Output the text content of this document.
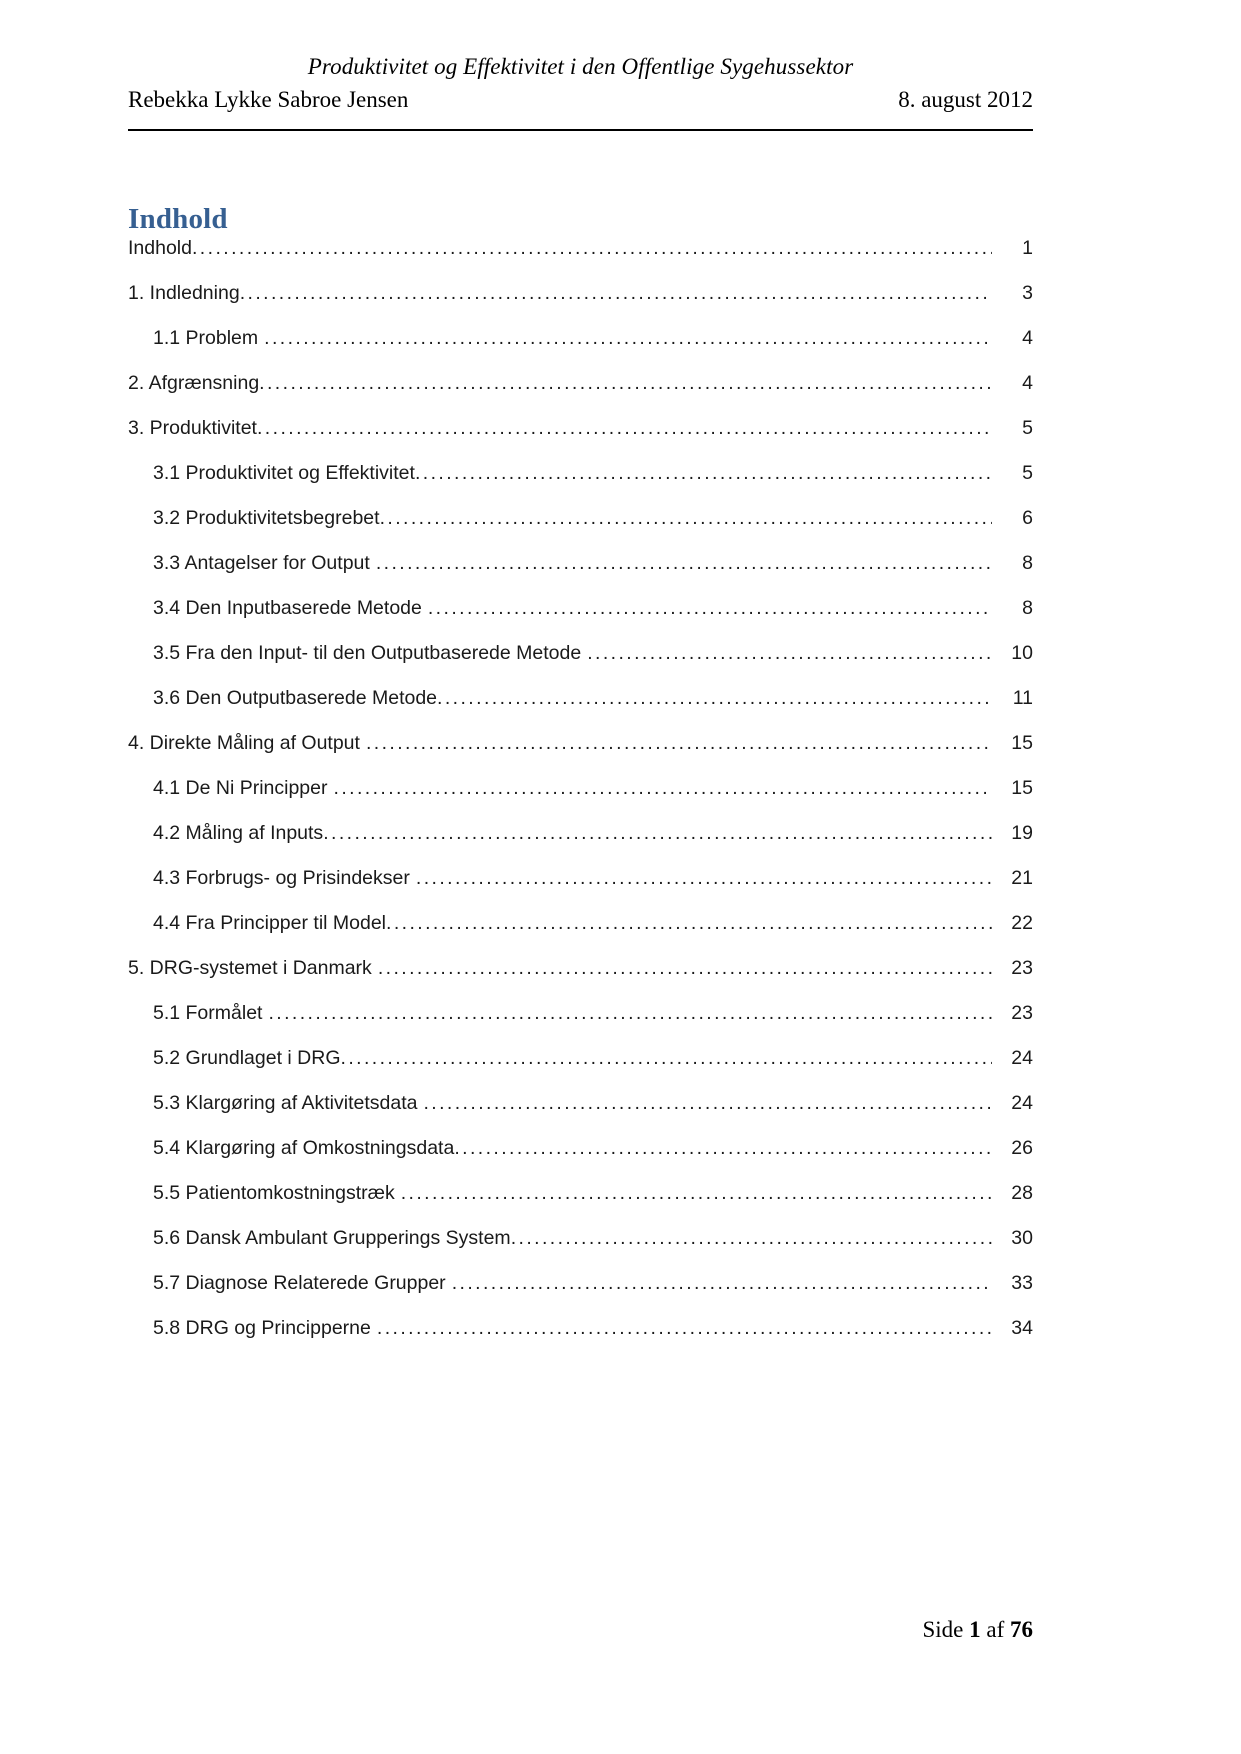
Produktivitet og Effektivitet i den Offentlige Sygehussektor
Rebekka Lykke Sabroe Jensen	8. august 2012
Indhold
Indhold .....	1
1. Indledning .....	3
1.1 Problem .....	4
2. Afgrænsning .....	4
3. Produktivitet .....	5
3.1 Produktivitet og Effektivitet .....	5
3.2 Produktivitetsbegrebet .....	6
3.3 Antagelser for Output .....	8
3.4 Den Inputbaserede Metode .....	8
3.5 Fra den Input- til den Outputbaserede Metode .....	10
3.6 Den Outputbaserede Metode .....	11
4. Direkte Måling af Output .....	15
4.1 De Ni Principper .....	15
4.2 Måling af Inputs .....	19
4.3 Forbrugs- og Prisindekser .....	21
4.4 Fra Principper til Model .....	22
5. DRG-systemet i Danmark .....	23
5.1 Formålet .....	23
5.2 Grundlaget i DRG .....	24
5.3 Klargøring af Aktivitetsdata .....	24
5.4 Klargøring af Omkostningsdata .....	26
5.5 Patientomkostningstræk .....	28
5.6 Dansk Ambulant Grupperings System .....	30
5.7 Diagnose Relaterede Grupper .....	33
5.8 DRG og Principperne .....	34
Side 1 af 76
